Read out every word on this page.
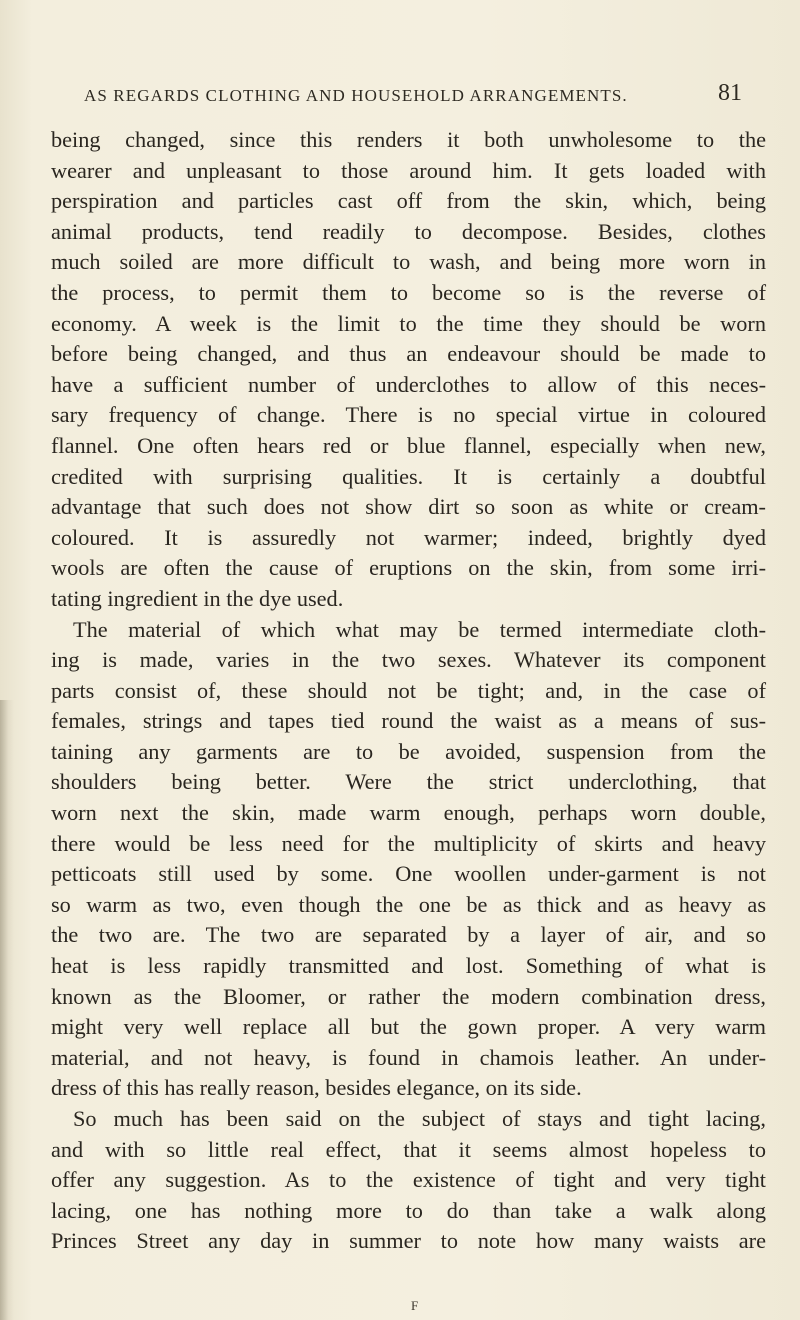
AS REGARDS CLOTHING AND HOUSEHOLD ARRANGEMENTS.	81
being changed, since this renders it both unwholesome to the
wearer and unpleasant to those around him. It gets loaded with
perspiration and particles cast off from the skin, which, being
animal products, tend readily to decompose. Besides, clothes
much soiled are more difficult to wash, and being more worn in
the process, to permit them to become so is the reverse of
economy. A week is the limit to the time they should be worn
before being changed, and thus an endeavour should be made to
have a sufficient number of underclothes to allow of this neces-
sary frequency of change. There is no special virtue in coloured
flannel. One often hears red or blue flannel, especially when new,
credited with surprising qualities. It is certainly a doubtful
advantage that such does not show dirt so soon as white or cream-
coloured. It is assuredly not warmer; indeed, brightly dyed
wools are often the cause of eruptions on the skin, from some irri-
tating ingredient in the dye used.
The material of which what may be termed intermediate cloth-
ing is made, varies in the two sexes. Whatever its component
parts consist of, these should not be tight; and, in the case of
females, strings and tapes tied round the waist as a means of sus-
taining any garments are to be avoided, suspension from the
shoulders being better. Were the strict underclothing, that
worn next the skin, made warm enough, perhaps worn double,
there would be less need for the multiplicity of skirts and heavy
petticoats still used by some. One woollen under-garment is not
so warm as two, even though the one be as thick and as heavy as
the two are. The two are separated by a layer of air, and so
heat is less rapidly transmitted and lost. Something of what is
known as the Bloomer, or rather the modern combination dress,
might very well replace all but the gown proper. A very warm
material, and not heavy, is found in chamois leather. An under-
dress of this has really reason, besides elegance, on its side.
So much has been said on the subject of stays and tight lacing,
and with so little real effect, that it seems almost hopeless to
offer any suggestion. As to the existence of tight and very tight
lacing, one has nothing more to do than take a walk along
Princes Street any day in summer to note how many waists are
F
